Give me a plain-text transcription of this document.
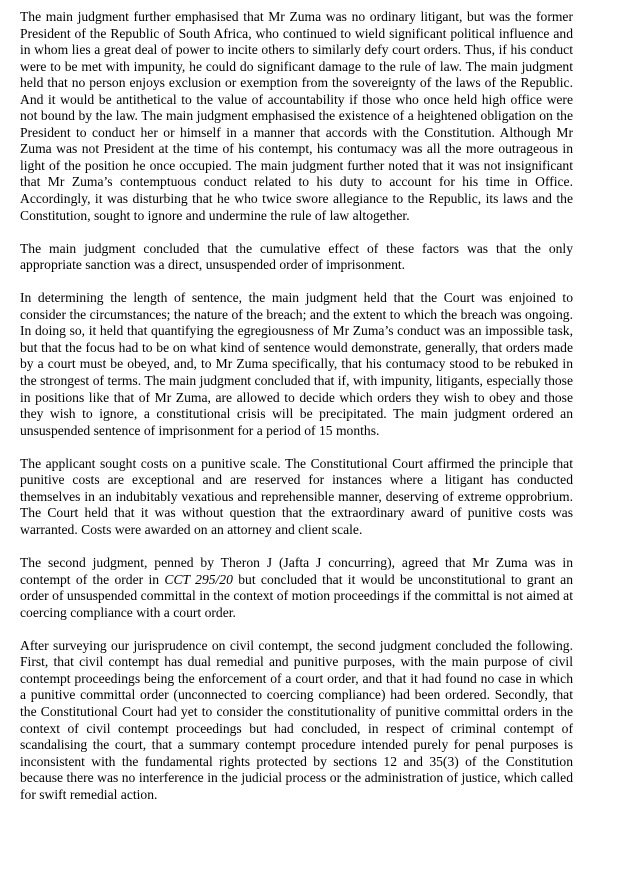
The main judgment further emphasised that Mr Zuma was no ordinary litigant, but was the former President of the Republic of South Africa, who continued to wield significant political influence and in whom lies a great deal of power to incite others to similarly defy court orders. Thus, if his conduct were to be met with impunity, he could do significant damage to the rule of law. The main judgment held that no person enjoys exclusion or exemption from the sovereignty of the laws of the Republic. And it would be antithetical to the value of accountability if those who once held high office were not bound by the law. The main judgment emphasised the existence of a heightened obligation on the President to conduct her or himself in a manner that accords with the Constitution. Although Mr Zuma was not President at the time of his contempt, his contumacy was all the more outrageous in light of the position he once occupied. The main judgment further noted that it was not insignificant that Mr Zuma’s contemptuous conduct related to his duty to account for his time in Office. Accordingly, it was disturbing that he who twice swore allegiance to the Republic, its laws and the Constitution, sought to ignore and undermine the rule of law altogether.

The main judgment concluded that the cumulative effect of these factors was that the only appropriate sanction was a direct, unsuspended order of imprisonment.

In determining the length of sentence, the main judgment held that the Court was enjoined to consider the circumstances; the nature of the breach; and the extent to which the breach was ongoing. In doing so, it held that quantifying the egregiousness of Mr Zuma’s conduct was an impossible task, but that the focus had to be on what kind of sentence would demonstrate, generally, that orders made by a court must be obeyed, and, to Mr Zuma specifically, that his contumacy stood to be rebuked in the strongest of terms. The main judgment concluded that if, with impunity, litigants, especially those in positions like that of Mr Zuma, are allowed to decide which orders they wish to obey and those they wish to ignore, a constitutional crisis will be precipitated. The main judgment ordered an unsuspended sentence of imprisonment for a period of 15 months.

The applicant sought costs on a punitive scale. The Constitutional Court affirmed the principle that punitive costs are exceptional and are reserved for instances where a litigant has conducted themselves in an indubitably vexatious and reprehensible manner, deserving of extreme opprobrium. The Court held that it was without question that the extraordinary award of punitive costs was warranted. Costs were awarded on an attorney and client scale.

The second judgment, penned by Theron J (Jafta J concurring), agreed that Mr Zuma was in contempt of the order in CCT 295/20 but concluded that it would be unconstitutional to grant an order of unsuspended committal in the context of motion proceedings if the committal is not aimed at coercing compliance with a court order.

After surveying our jurisprudence on civil contempt, the second judgment concluded the following. First, that civil contempt has dual remedial and punitive purposes, with the main purpose of civil contempt proceedings being the enforcement of a court order, and that it had found no case in which a punitive committal order (unconnected to coercing compliance) had been ordered. Secondly, that the Constitutional Court had yet to consider the constitutionality of punitive committal orders in the context of civil contempt proceedings but had concluded, in respect of criminal contempt of scandalising the court, that a summary contempt procedure intended purely for penal purposes is inconsistent with the fundamental rights protected by sections 12 and 35(3) of the Constitution because there was no interference in the judicial process or the administration of justice, which called for swift remedial action.
